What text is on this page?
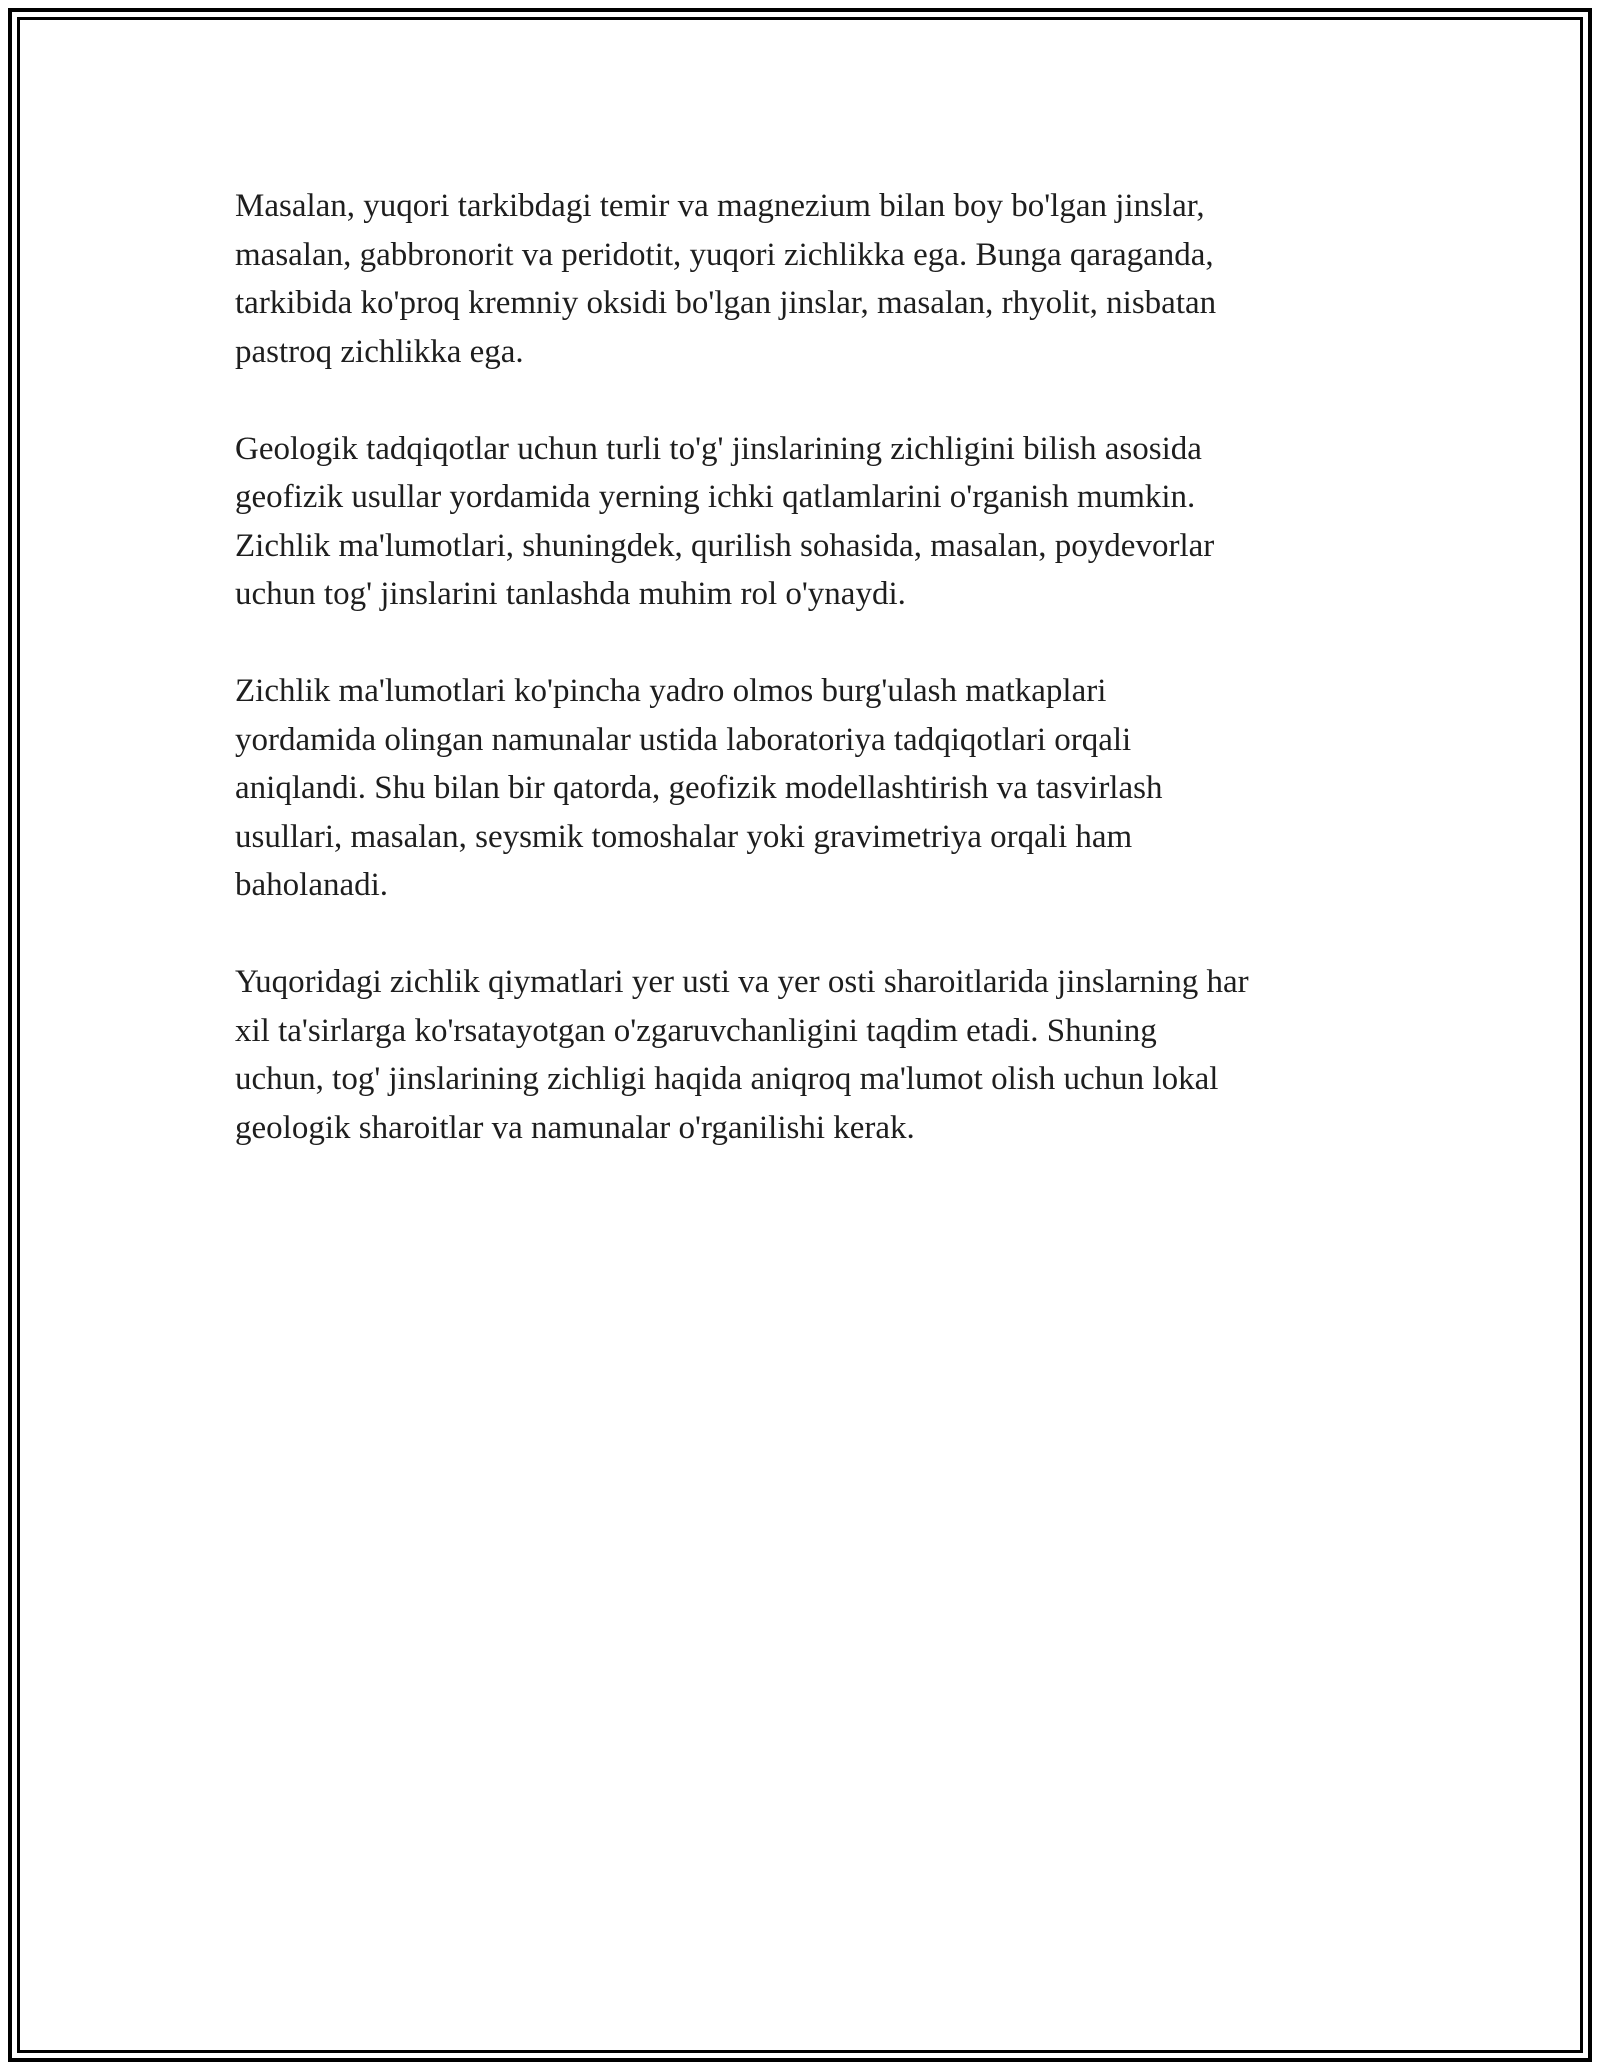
Masalan, yuqori tarkibdagi temir va magnezium bilan boy bo'lgan jinslar,
masalan, gabbronorit va peridotit, yuqori zichlikka ega. Bunga qaraganda,
tarkibida ko'proq kremniy oksidi bo'lgan jinslar, masalan, rhyolit, nisbatan
pastroq zichlikka ega.

Geologik tadqiqotlar uchun turli to'g' jinslarining zichligini bilish asosida
geofizik usullar yordamida yerning ichki qatlamlarini o'rganish mumkin.
Zichlik ma'lumotlari, shuningdek, qurilish sohasida, masalan, poydevorlar
uchun tog' jinslarini tanlashda muhim rol o'ynaydi.

Zichlik ma'lumotlari ko'pincha yadro olmos burg'ulash matkaplari
yordamida olingan namunalar ustida laboratoriya tadqiqotlari orqali
aniqlandi. Shu bilan bir qatorda, geofizik modellashtirish va tasvirlash
usullari, masalan, seysmik tomoshalar yoki gravimetriya orqali ham
baholanadi.

Yuqoridagi zichlik qiymatlari yer usti va yer osti sharoitlarida jinslarning har
xil ta'sirlarga ko'rsatayotgan o'zgaruvchanligini taqdim etadi. Shuning
uchun, tog' jinslarining zichligi haqida aniqroq ma'lumot olish uchun lokal
geologik sharoitlar va namunalar o'rganilishi kerak.
